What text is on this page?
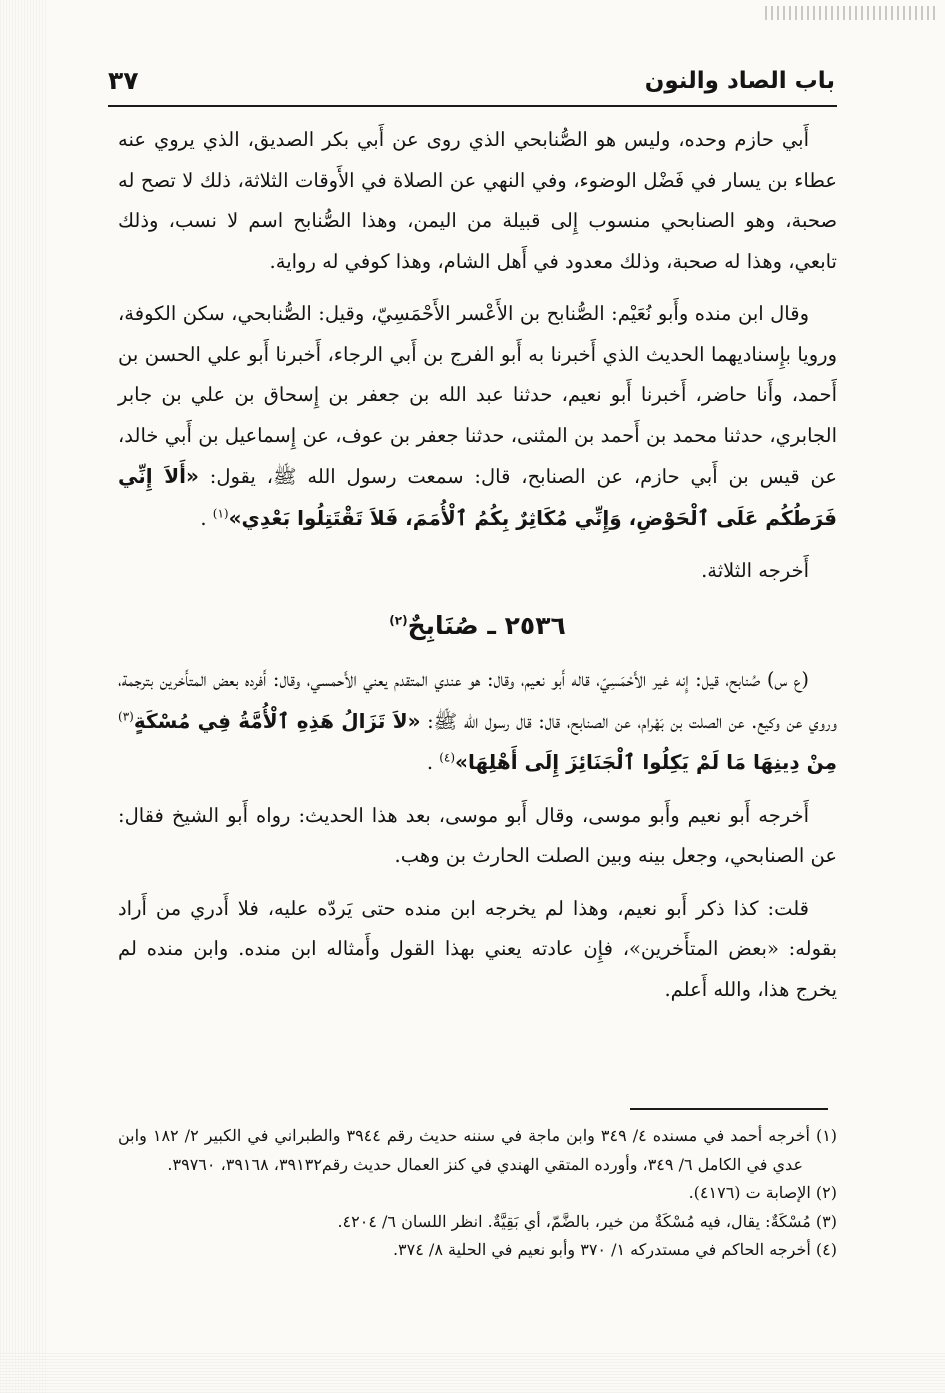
باب الصاد والنون
٣٧

أَبي حازم وحده، وليس هو الصُّنابحي الذي روى عن أَبي بكر الصديق، الذي يروي عنه عطاء بن يسار في فَضْل الوضوء، وفي النهي عن الصلاة في الأَوقات الثلاثة، ذلك لا تصح له صحبة، وهو الصنابحي منسوب إِلى قبيلة من اليمن، وهذا الصُّنابح اسم لا نسب، وذلك تابعي، وهذا له صحبة، وذلك معدود في أَهل الشام، وهذا كوفي له رواية.

وقال ابن منده وأَبو نُعَيْم: الصُّنابح بن الأَعْسر الأَحْمَسِيّ، وقيل: الصُّنابحي، سكن الكوفة، ورويا بإِسناديهما الحديث الذي أَخبرنا به أَبو الفرج بن أَبي الرجاء، أَخبرنا أَبو علي الحسن بن أَحمد، وأَنا حاضر، أَخبرنا أَبو نعيم، حدثنا عبد الله بن جعفر بن إِسحاق بن علي بن جابر الجابري، حدثنا محمد بن أَحمد بن المثنى، حدثنا جعفر بن عوف، عن إِسماعيل بن أَبي خالد، عن قيس بن أَبي حازم، عن الصنابح، قال: سمعت رسول الله ﷺ، يقول: «أَلاَ إِنِّي فَرَطُكُم عَلَى ٱلْحَوْضِ، وَإِنِّي مُكَاثِرٌ بِكُمُ ٱلْأُمَمَ، فَلاَ تَقْتَتِلُوا بَعْدِي»$^{(١)}$ .

أَخرجه الثلاثة.

٢٥٣٦ ـ صُنَابِحٌ$^{(٢)}$

(ع س) صُنابح، قيل: إِنه غير الأَحْمَسِيّ، قاله أَبو نعيم، وقال: هو عندي المتقدم يعني الأَحمسي، وقال: أَفرده بعض المتأَخرين بترجمة، وروي عن وكيع. عن الصلت بن بَهْرام، عن الصنابح، قال: قال رسول الله ﷺ: «لاَ تَزَالُ هَذِهِ ٱلْأُمَّةُ فِي مُسْكَةٍ$^{(٣)}$ مِنْ دِينِهَا مَا لَمْ يَكِلُوا ٱلْجَنَائِزَ إِلَى أَهْلِهَا»$^{(٤)}$ .

أَخرجه أَبو نعيم وأَبو موسى، وقال أَبو موسى، بعد هذا الحديث: رواه أَبو الشيخ فقال: عن الصنابحي، وجعل بينه وبين الصلت الحارث بن وهب.

قلت: كذا ذكر أَبو نعيم، وهذا لم يخرجه ابن منده حتى يَردّه عليه، فلا أَدري من أَراد بقوله: «بعض المتأَخرين»، فإِن عادته يعني بهذا القول وأَمثاله ابن منده. وابن منده لم يخرج هذا، والله أَعلم.

(١) أخرجه أحمد في مسنده ٤/ ٣٤٩ وابن ماجة في سننه حديث رقم ٣٩٤٤ والطبراني في الكبير ٢/ ١٨٢ وابن عدي في الكامل ٦/ ٣٤٩، وأورده المتقي الهندي في كنز العمال حديث رقم٣٩١٣٢، ٣٩١٦٨، ٣٩٧٦٠.

(٢) الإصابة ت (٤١٧٦).

(٣) مُسْكَةٌ: يقال، فيه مُسْكَةٌ من خير، بالضَّمّ، أي بَقِيَّةٌ. انظر اللسان ٦/ ٤٢٠٤.

(٤) أخرجه الحاكم في مستدركه ١/ ٣٧٠ وأبو نعيم في الحلية ٨/ ٣٧٤.
